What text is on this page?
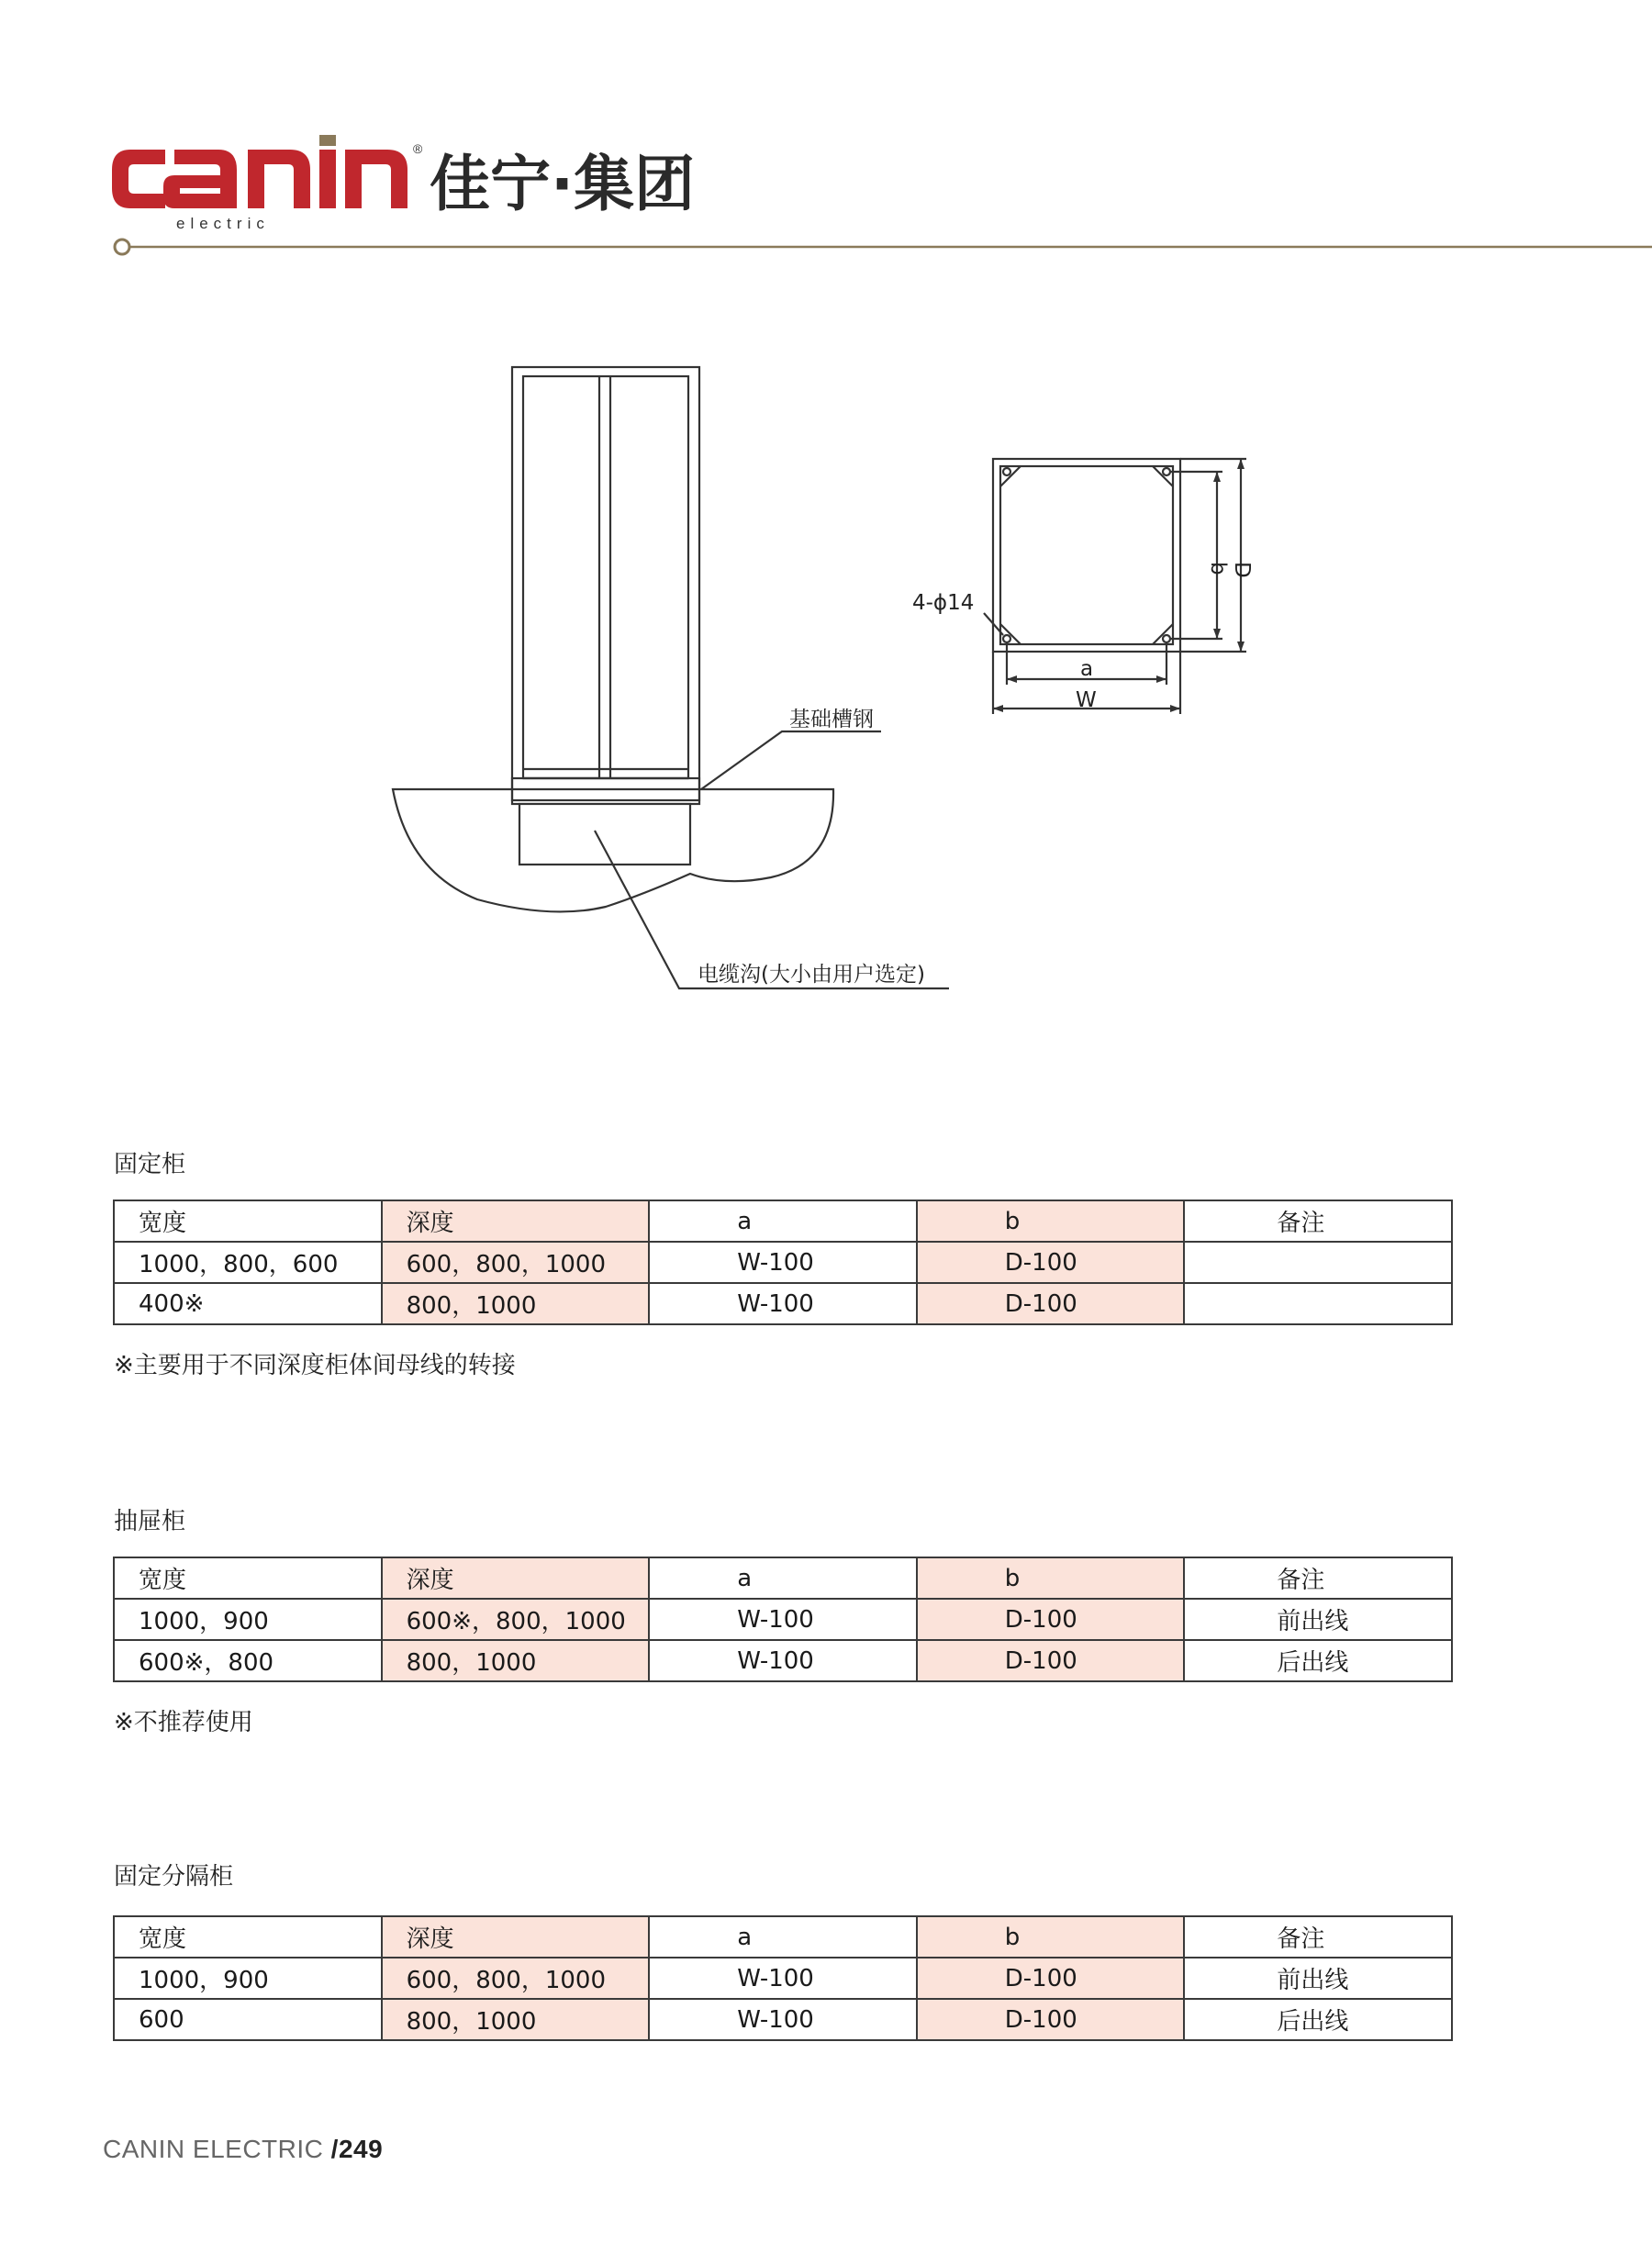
®
electric
佳宁·集团
基础槽钢
电缆沟(大小由用户选定)
4-ϕ14
a
W
b D
固定柜
宽度	深度	a	b	备注
1000，800，600	600，800，1000	W-100	D-100	
400※	800，1000	W-100	D-100	
※主要用于不同深度柜体间母线的转接
抽屉柜
宽度	深度	a	b	备注
1000，900	600※，800，1000	W-100	D-100	前出线
600※，800	800，1000	W-100	D-100	后出线
※不推荐使用
固定分隔柜
宽度	深度	a	b	备注
1000，900	600，800，1000	W-100	D-100	前出线
600	800，1000	W-100	D-100	后出线
CANIN ELECTRIC /249
